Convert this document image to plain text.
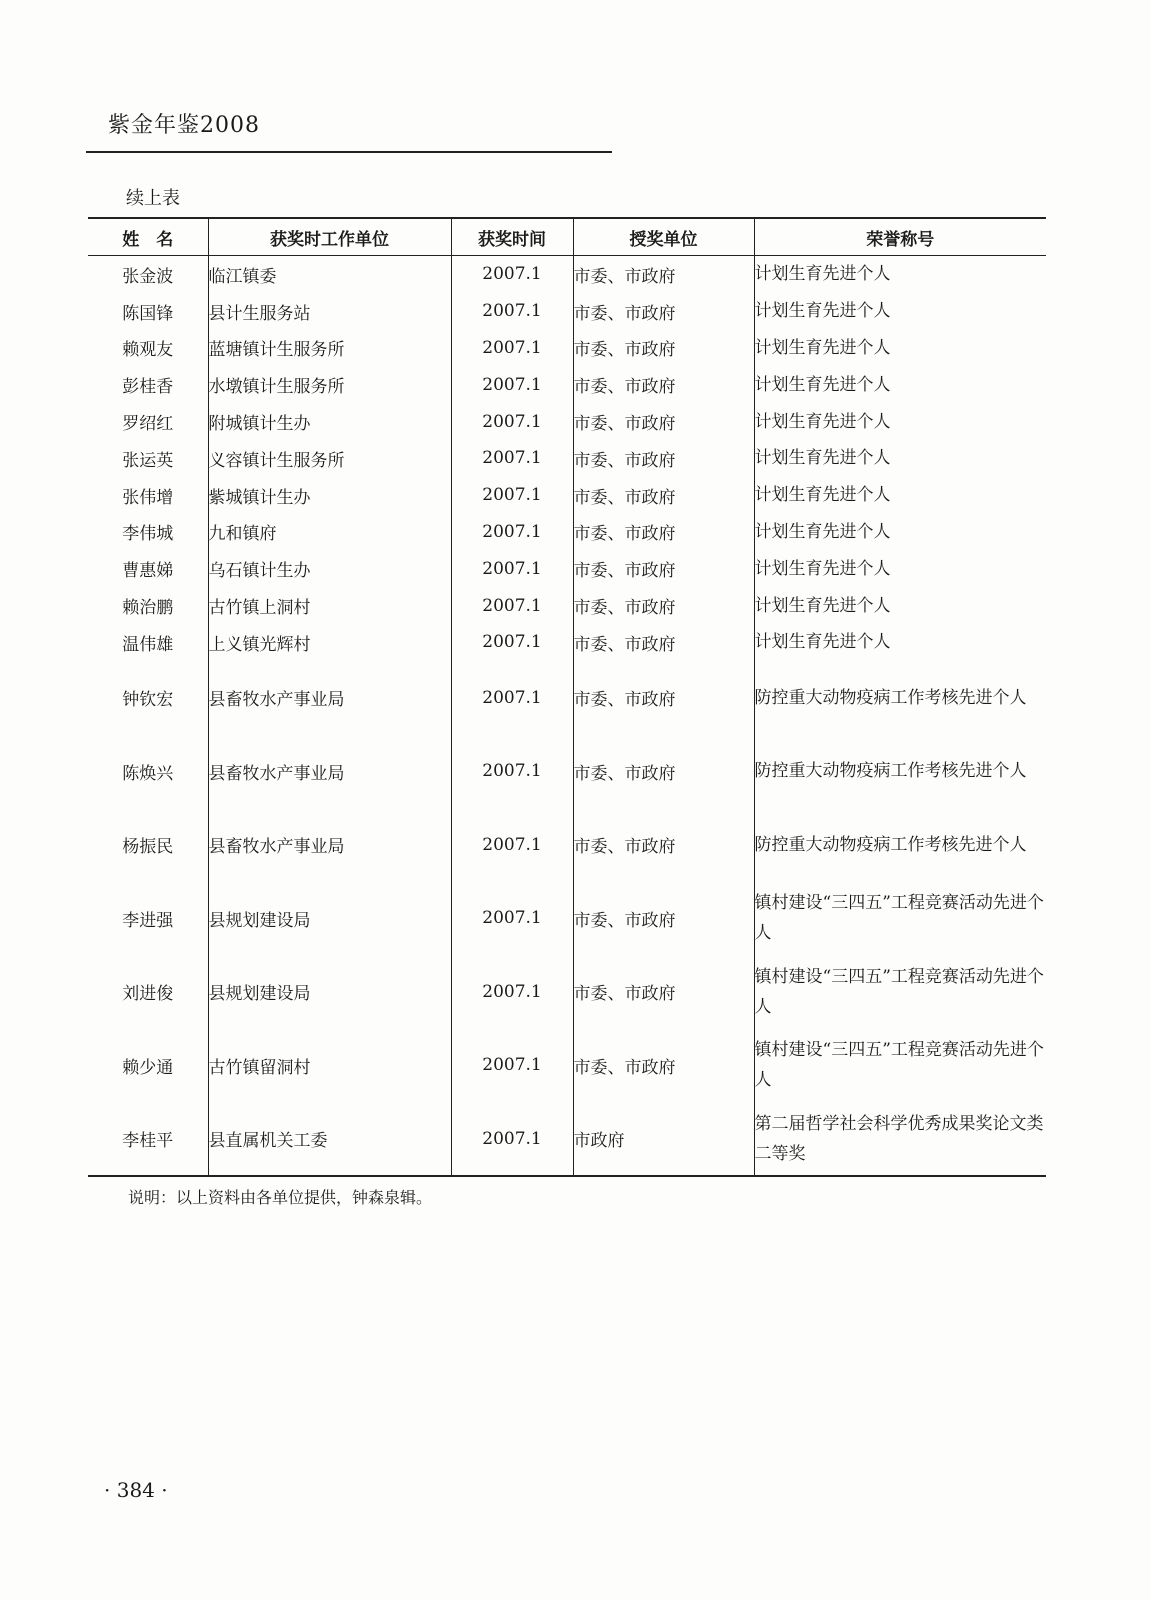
紫金年鉴2008
续上表
姓　名	获奖时工作单位	获奖时间	授奖单位	荣誉称号
张金波	临江镇委	2007.1	市委、市政府	计划生育先进个人
陈国锋	县计生服务站	2007.1	市委、市政府	计划生育先进个人
赖观友	蓝塘镇计生服务所	2007.1	市委、市政府	计划生育先进个人
彭桂香	水墩镇计生服务所	2007.1	市委、市政府	计划生育先进个人
罗绍红	附城镇计生办	2007.1	市委、市政府	计划生育先进个人
张运英	义容镇计生服务所	2007.1	市委、市政府	计划生育先进个人
张伟增	紫城镇计生办	2007.1	市委、市政府	计划生育先进个人
李伟城	九和镇府	2007.1	市委、市政府	计划生育先进个人
曹惠娣	乌石镇计生办	2007.1	市委、市政府	计划生育先进个人
赖治鹏	古竹镇上洞村	2007.1	市委、市政府	计划生育先进个人
温伟雄	上义镇光辉村	2007.1	市委、市政府	计划生育先进个人
钟钦宏	县畜牧水产事业局	2007.1	市委、市政府	防控重大动物疫病工作考核先进个人
陈焕兴	县畜牧水产事业局	2007.1	市委、市政府	防控重大动物疫病工作考核先进个人
杨振民	县畜牧水产事业局	2007.1	市委、市政府	防控重大动物疫病工作考核先进个人
李进强	县规划建设局	2007.1	市委、市政府	镇村建设“三四五”工程竞赛活动先进个人
刘进俊	县规划建设局	2007.1	市委、市政府	镇村建设“三四五”工程竞赛活动先进个人
赖少通	古竹镇留洞村	2007.1	市委、市政府	镇村建设“三四五”工程竞赛活动先进个人
李桂平	县直属机关工委	2007.1	市政府	第二届哲学社会科学优秀成果奖论文类二等奖
说明：以上资料由各单位提供，钟森泉辑。
· 384 ·
